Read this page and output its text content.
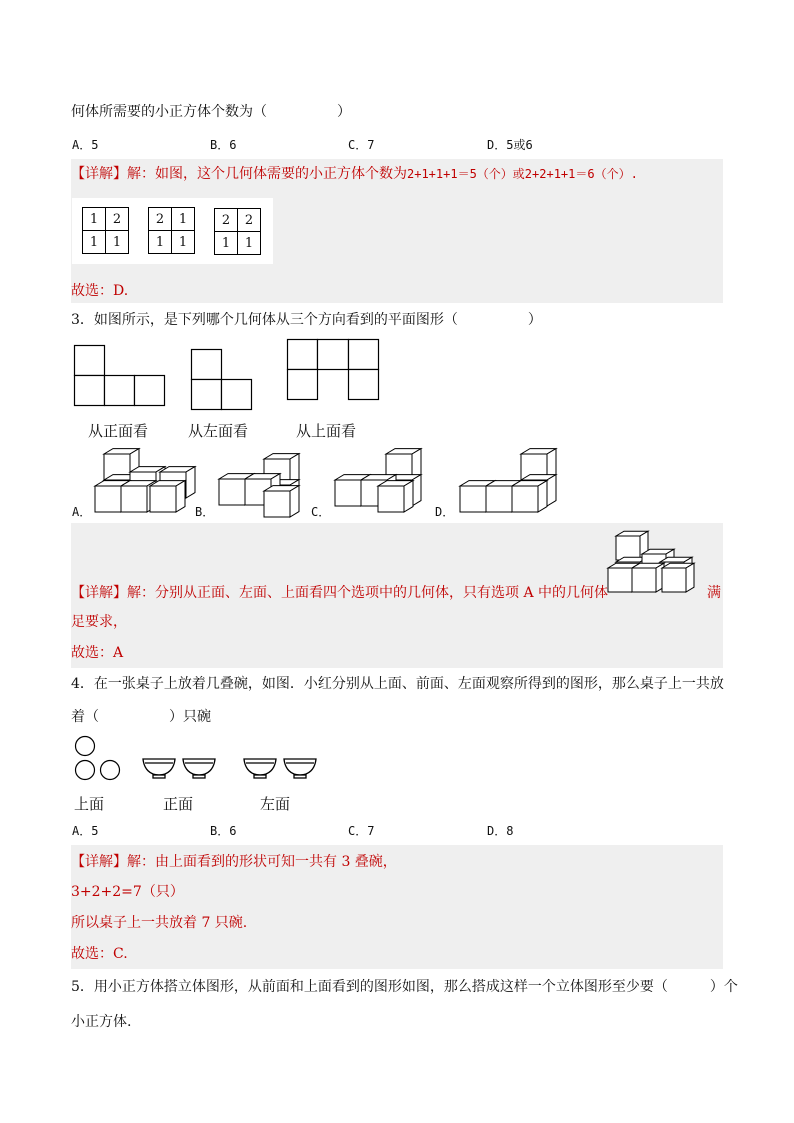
何体所需要的小正方体个数为（　　　　　）
A．5	B．6	C．7	D．5或6
【详解】解：如图，这个几何体需要的小正方体个数为2+1+1+1＝5（个）或2+2+1+1＝6（个）.
1	2
1	1
2	1
1	1
2	2
1	1
故选：D.
3．如图所示，是下列哪个几何体从三个方向看到的平面图形（　　　　　）
从正面看	从左面看	从上面看
A．	B．	C．	D．
【详解】解：分别从正面、左面、上面看四个选项中的几何体，只有选项 A 中的几何体	满
足要求，
故选：A
4．在一张桌子上放着几叠碗，如图．小红分别从上面、前面、左面观察所得到的图形，那么桌子上一共放
着（　　　　　）只碗
上面	正面	左面
A．5	B．6	C．7	D．8
【详解】解：由上面看到的形状可知一共有 3 叠碗，
3+2+2=7（只）
所以桌子上一共放着 7 只碗.
故选：C.
5．用小正方体搭立体图形，从前面和上面看到的图形如图，那么搭成这样一个立体图形至少要（　　　）个
小正方体.
